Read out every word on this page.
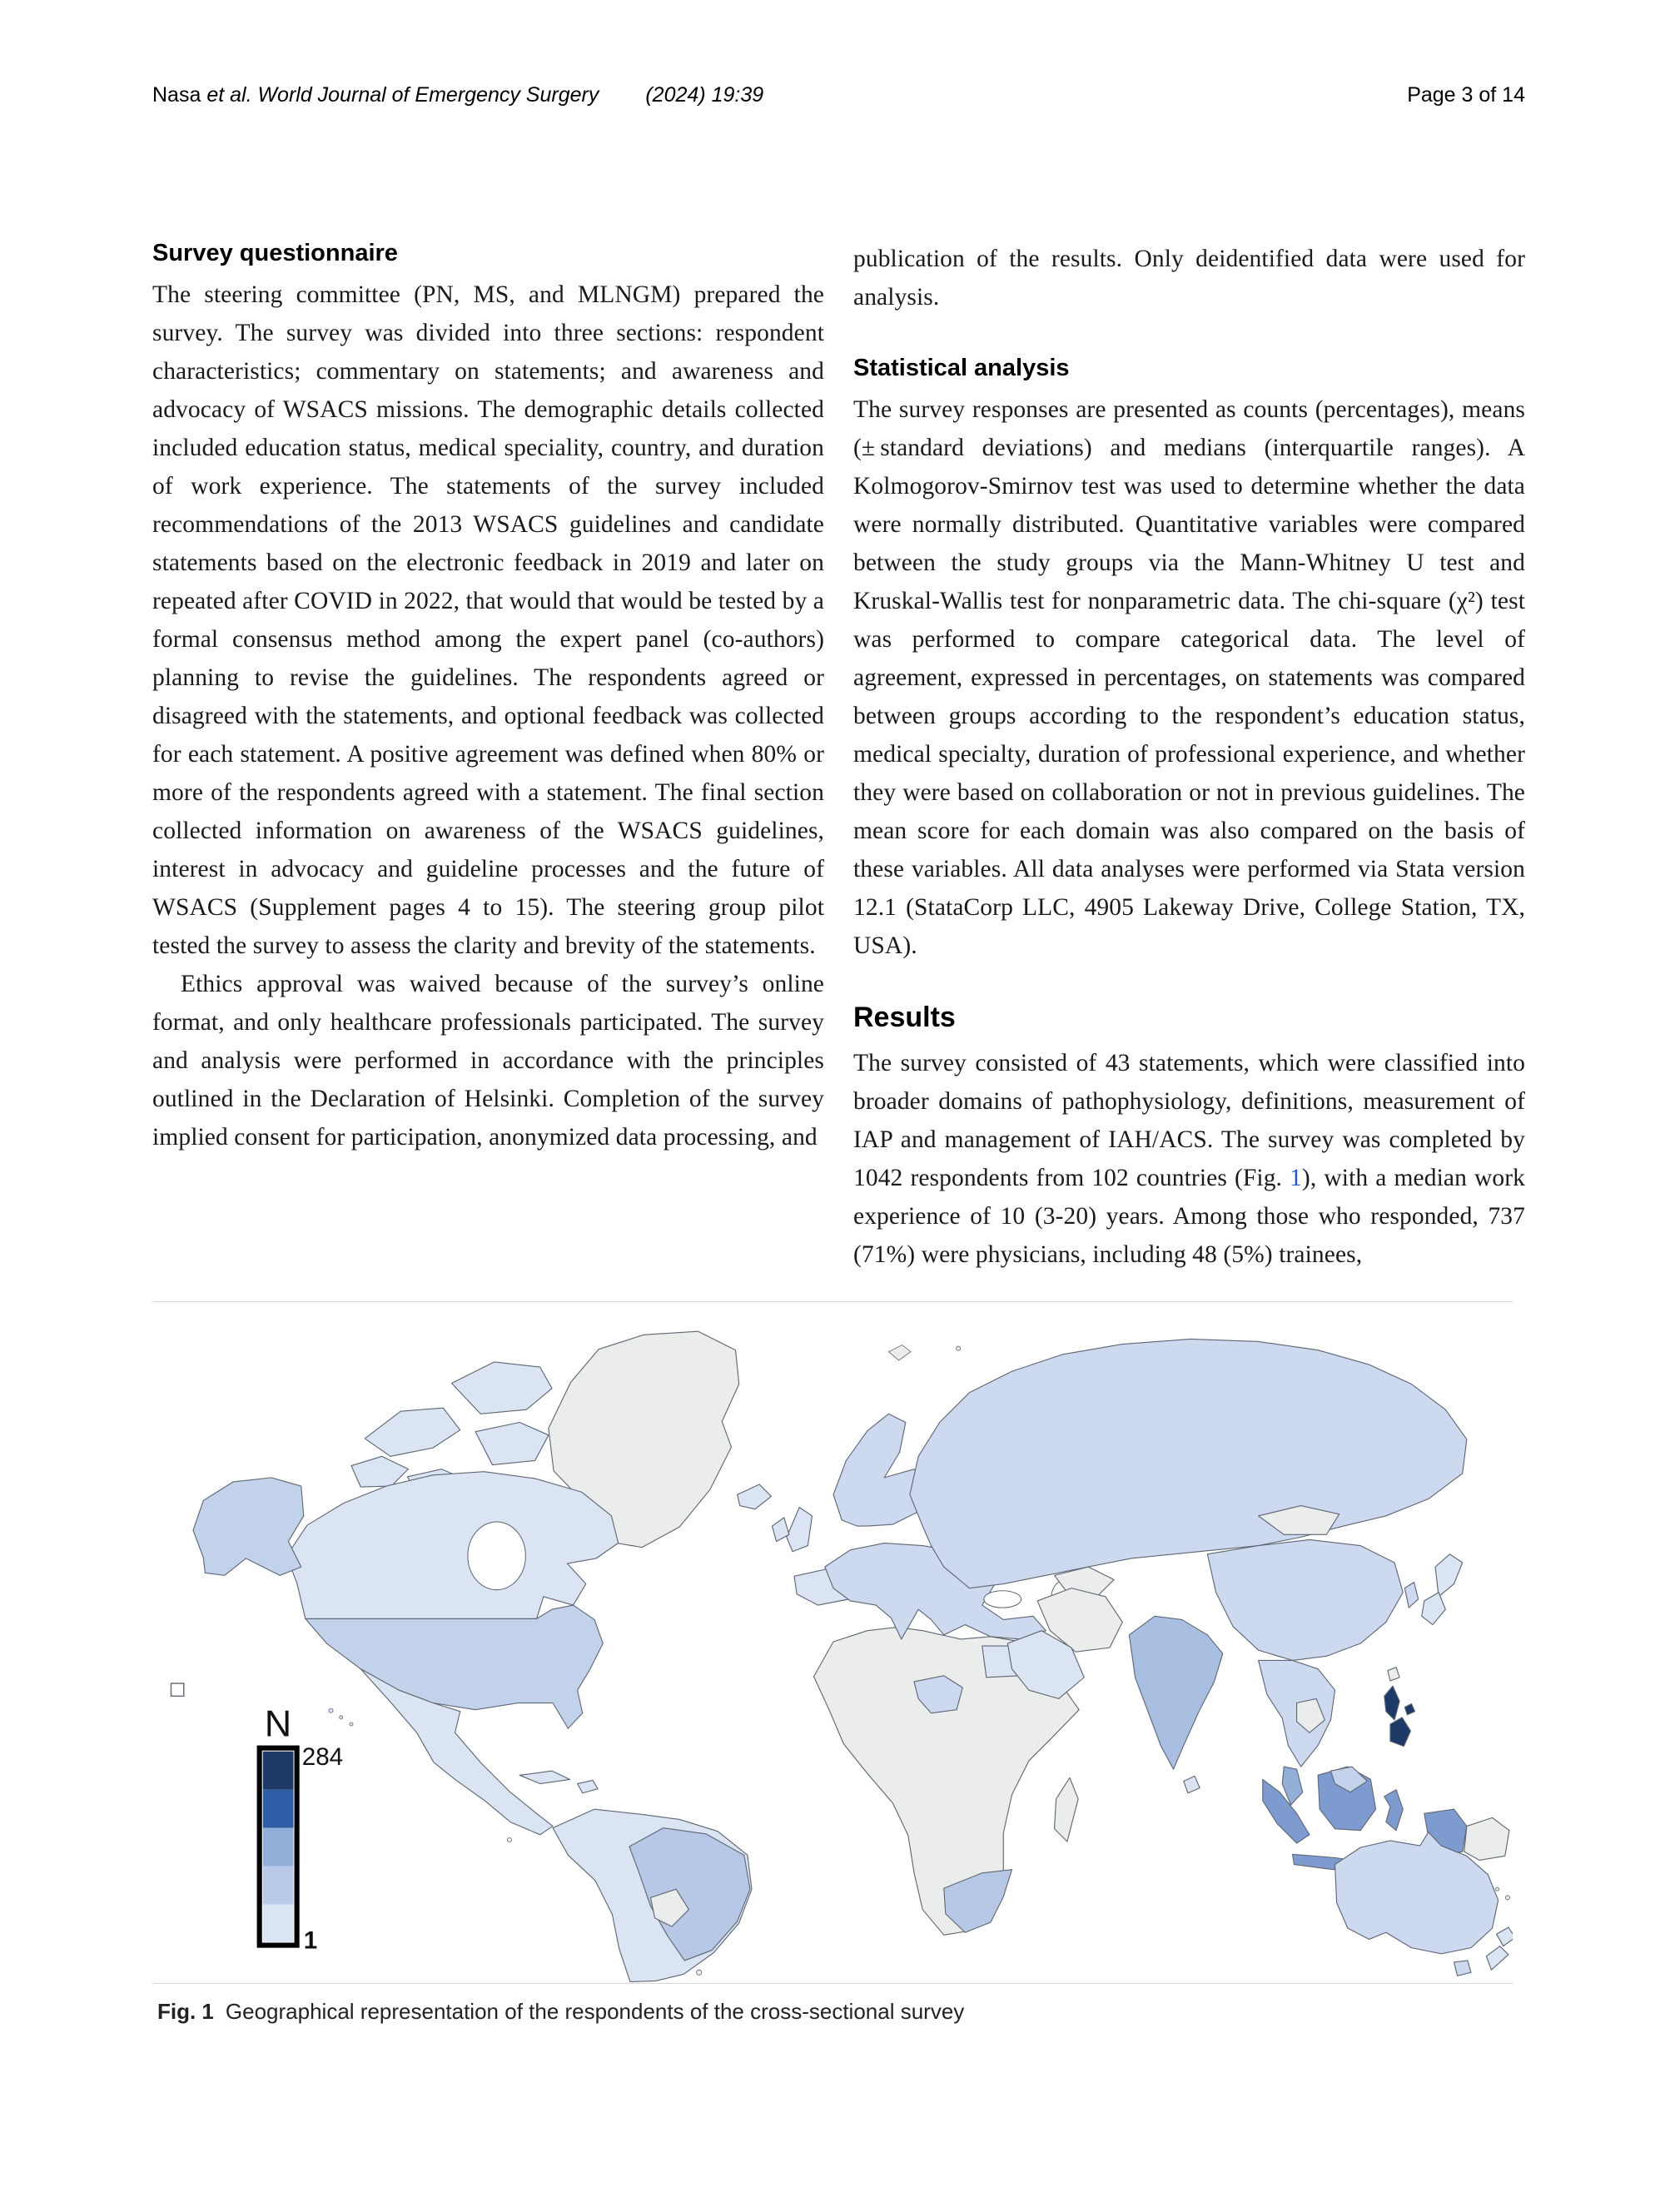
Nasa et al. World Journal of Emergency Surgery (2024) 19:39	Page 3 of 14
Survey questionnaire

The steering committee (PN, MS, and MLNGM) prepared the survey. The survey was divided into three sections: respondent characteristics; commentary on statements; and awareness and advocacy of WSACS missions. The demographic details collected included education status, medical speciality, country, and duration of work experience. The statements of the survey included recommendations of the 2013 WSACS guidelines and candidate statements based on the electronic feedback in 2019 and later on repeated after COVID in 2022, that would that would be tested by a formal consensus method among the expert panel (co-authors) planning to revise the guidelines. The respondents agreed or disagreed with the statements, and optional feedback was collected for each statement. A positive agreement was defined when 80% or more of the respondents agreed with a statement. The final section collected information on awareness of the WSACS guidelines, interest in advocacy and guideline processes and the future of WSACS (Supplement pages 4 to 15). The steering group pilot tested the survey to assess the clarity and brevity of the statements.

Ethics approval was waived because of the survey’s online format, and only healthcare professionals participated. The survey and analysis were performed in accordance with the principles outlined in the Declaration of Helsinki. Completion of the survey implied consent for participation, anonymized data processing, and

publication of the results. Only deidentified data were used for analysis.

Statistical analysis

The survey responses are presented as counts (percentages), means (± standard deviations) and medians (interquartile ranges). A Kolmogorov-Smirnov test was used to determine whether the data were normally distributed. Quantitative variables were compared between the study groups via the Mann-Whitney U test and Kruskal-Wallis test for nonparametric data. The chi-square (χ²) test was performed to compare categorical data. The level of agreement, expressed in percentages, on statements was compared between groups according to the respondent’s education status, medical specialty, duration of professional experience, and whether they were based on collaboration or not in previous guidelines. The mean score for each domain was also compared on the basis of these variables. All data analyses were performed via Stata version 12.1 (StataCorp LLC, 4905 Lakeway Drive, College Station, TX, USA).

Results

The survey consisted of 43 statements, which were classified into broader domains of pathophysiology, definitions, measurement of IAP and management of IAH/ACS. The survey was completed by 1042 respondents from 102 countries (Fig. 1), with a median work experience of 10 (3-20) years. Among those who responded, 737 (71%) were physicians, including 48 (5%) trainees,

N
284
1
Fig. 1 Geographical representation of the respondents of the cross-sectional survey
